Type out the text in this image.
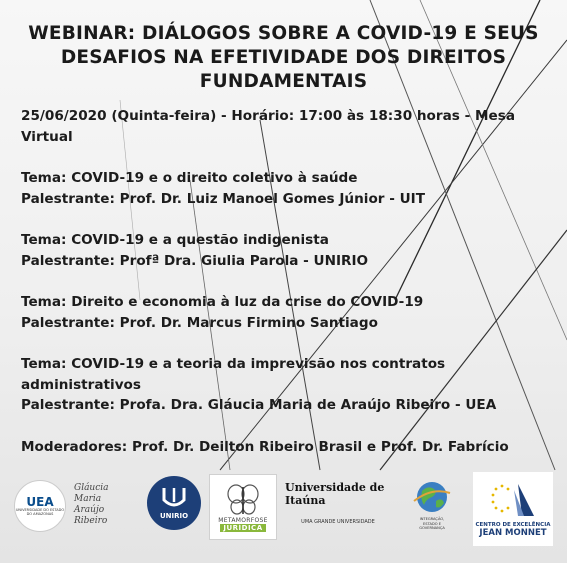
WEBINAR: DIÁLOGOS SOBRE A COVID-19 E SEUS
DESAFIOS NA EFETIVIDADE DOS DIREITOS
FUNDAMENTAIS

25/06/2020 (Quinta-feira) - Horário: 17:00 às 18:30 horas - Mesa

Virtual

Tema: COVID-19 e o direito coletivo à saúde

Palestrante: Prof. Dr. Luiz Manoel Gomes Júnior - UIT

Tema: COVID-19 e a questão indigenista

Palestrante: Profª Dra. Giulia Parola - UNIRIO

Tema: Direito e economia à luz da crise do COVID-19

Palestrante: Prof. Dr. Marcus Firmino Santiago

Tema: COVID-19 e a teoria da imprevisão nos contratos

administrativos

Palestrante: Profa. Dra. Gláucia Maria de Araújo Ribeiro - UEA

Moderadores: Prof. Dr. Deilton Ribeiro Brasil e Prof. Dr. Fabrício

UEA
UNIVERSIDADE DO ESTADO DO AMAZONAS
Gláucia Maria
Araújo Ribeiro	UNIRIO	METAMORFOSE
JURÍDICA
Universidade de Itaúna
UMA GRANDE UNIVERSIDADE	INTEGRAÇÃO,
ESTADO E
GOVERNANÇA
CENTRO DE EXCELÊNCIA
JEAN MONNET
